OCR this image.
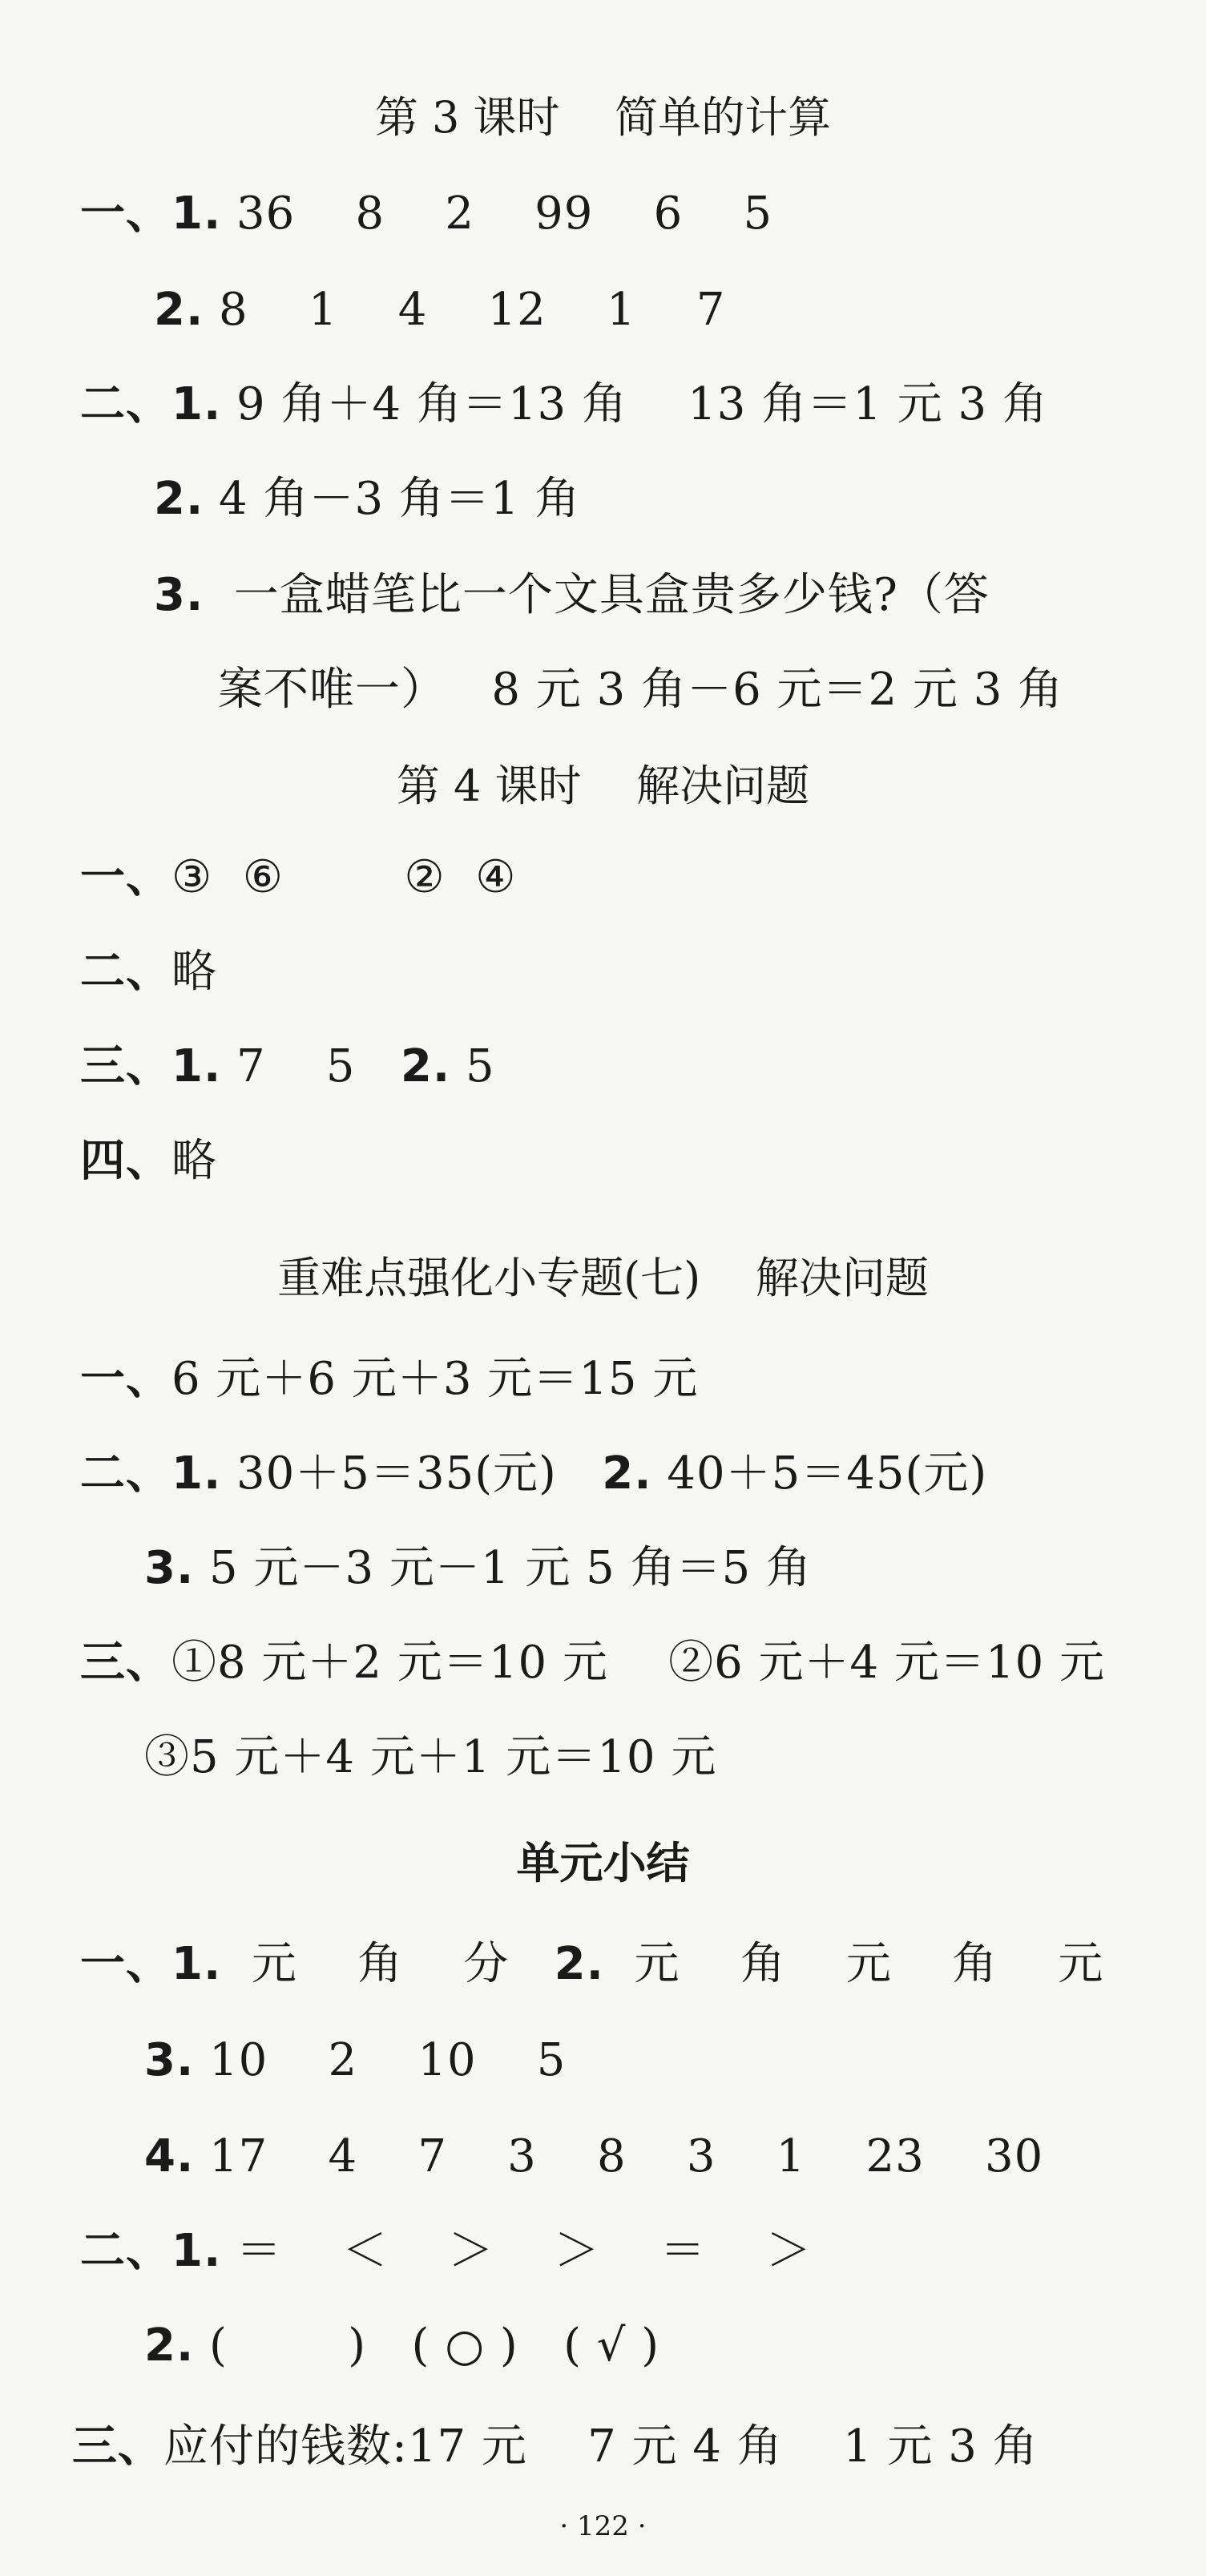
第 3 课时    简单的计算
一、1. 36    8    2    99    6    5
2. 8    1    4    12    1    7
二、1. 9 角＋4 角＝13 角    13 角＝1 元 3 角
2. 4 角－3 角＝1 角
3.  一盒蜡笔比一个文具盒贵多少钱?（答
案不唯一）   8 元 3 角－6 元＝2 元 3 角
第 4 课时    解决问题
一、③  ⑥        ②  ④
二、略
三、1. 7    5   2. 5
四、略
重难点强化小专题(七)    解决问题
一、6 元＋6 元＋3 元＝15 元
二、1. 30＋5＝35(元)   2. 40＋5＝45(元)
3. 5 元－3 元－1 元 5 角＝5 角
三、①8 元＋2 元＝10 元    ②6 元＋4 元＝10 元
③5 元＋4 元＋1 元＝10 元
单元小结
一、1.  元    角    分   2.  元    角    元    角    元
3. 10    2    10    5
4. 17    4    7    3    8    3    1    23    30
二、1. ＝    ＜    ＞    ＞    ＝    ＞
2. (        )   ( ○ )   ( √ )
三、应付的钱数:17 元    7 元 4 角    1 元 3 角
· 122 ·
